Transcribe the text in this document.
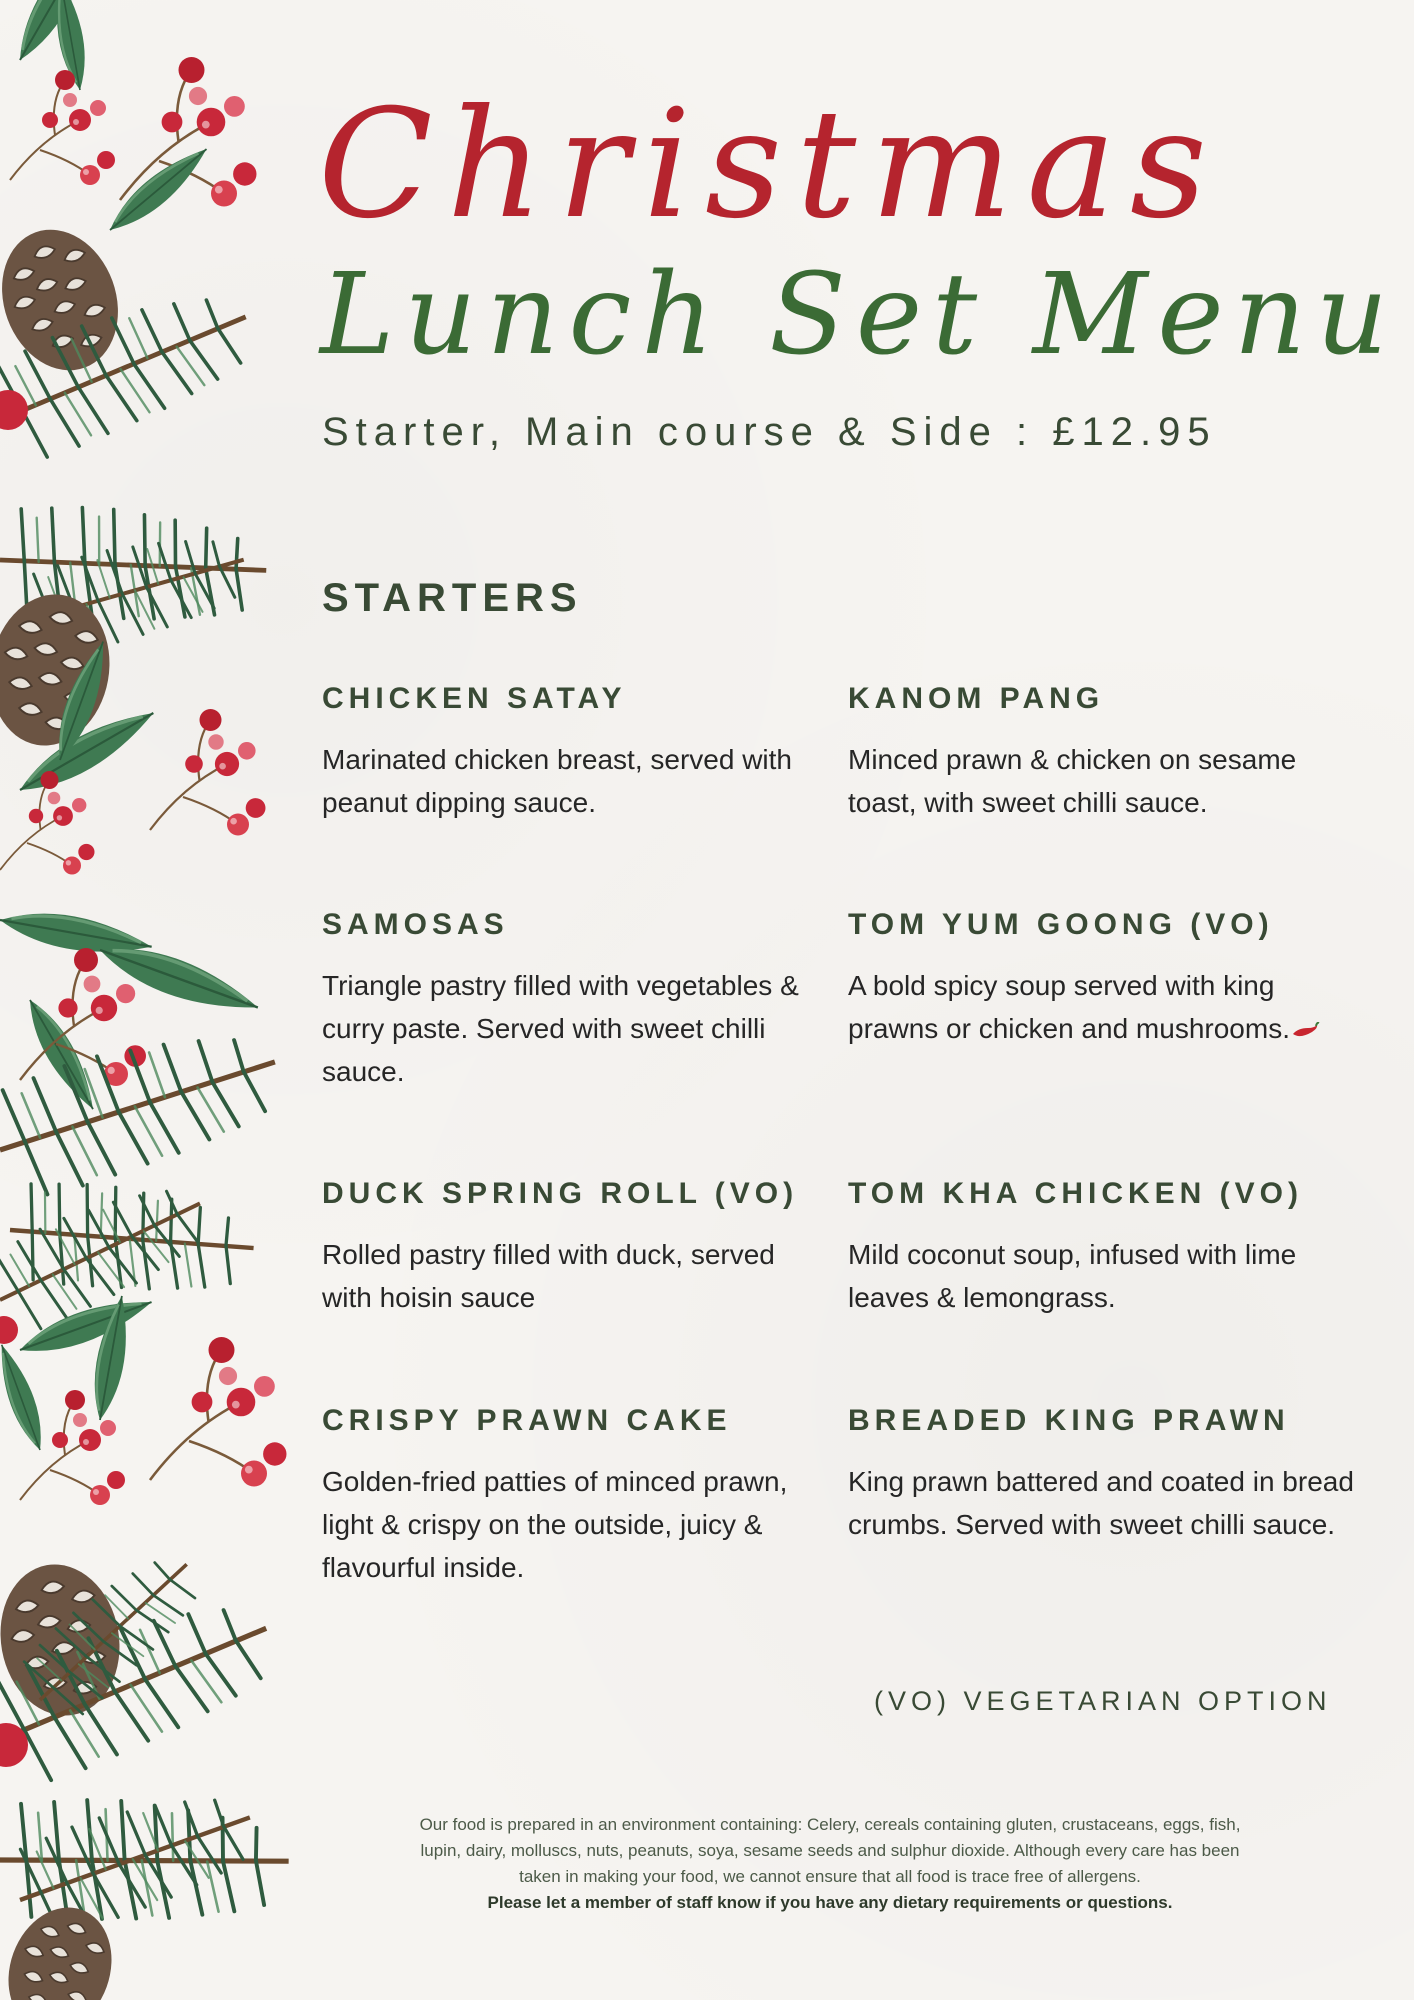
Christmas
Lunch Set Menu
Starter, Main course & Side : £12.95
STARTERS
CHICKEN SATAY
Marinated chicken breast, served with peanut dipping sauce.
KANOM PANG
Minced prawn & chicken on sesame toast, with sweet chilli sauce.
SAMOSAS
Triangle pastry filled with vegetables & curry paste. Served with sweet chilli sauce.
TOM YUM GOONG (VO)
A bold spicy soup served with king prawns or chicken and mushrooms.
DUCK SPRING ROLL (VO)
Rolled pastry filled with duck, served with hoisin sauce
TOM KHA CHICKEN (VO)
Mild coconut soup, infused with lime leaves & lemongrass.
CRISPY PRAWN CAKE
Golden-fried patties of minced prawn, light & crispy on the outside, juicy & flavourful inside.
BREADED KING PRAWN
King prawn battered and coated in bread crumbs. Served with sweet chilli sauce.
(VO) VEGETARIAN OPTION
Our food is prepared in an environment containing: Celery, cereals containing gluten, crustaceans, eggs, fish,
lupin, dairy, molluscs, nuts, peanuts, soya, sesame seeds and sulphur dioxide. Although every care has been
taken in making your food, we cannot ensure that all food is trace free of allergens.
Please let a member of staff know if you have any dietary requirements or questions.
